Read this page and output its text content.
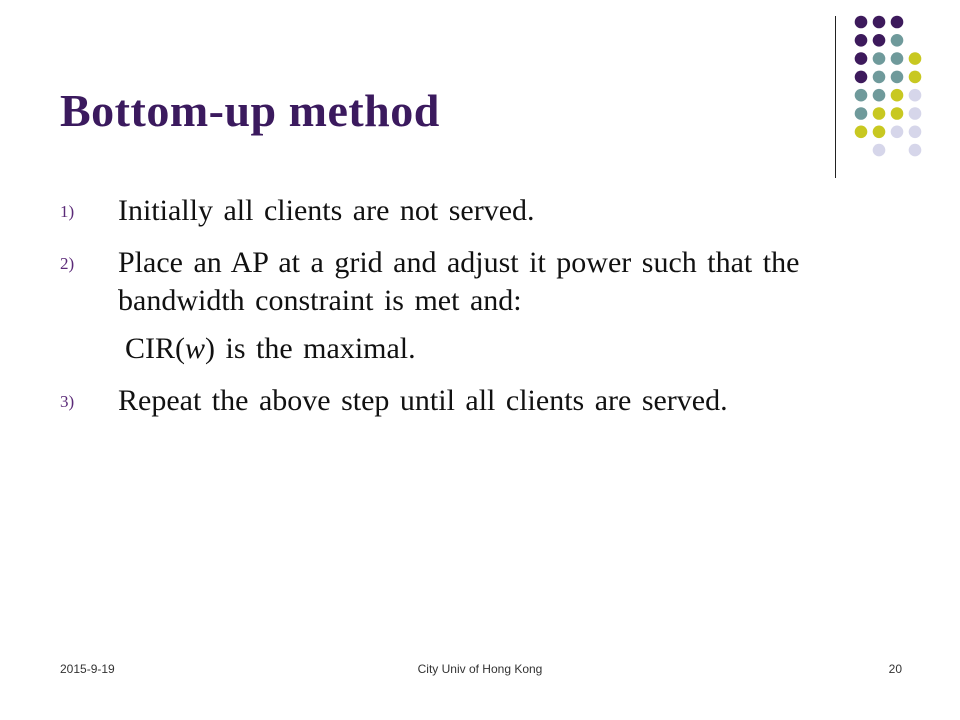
Bottom-up method
1) Initially all clients are not served.
2) Place an AP at a grid and adjust it power such that the bandwidth constraint is met and:
CIR(w) is the maximal.
3) Repeat the above step until all clients are served.
2015-9-19	City Univ of Hong Kong	20
